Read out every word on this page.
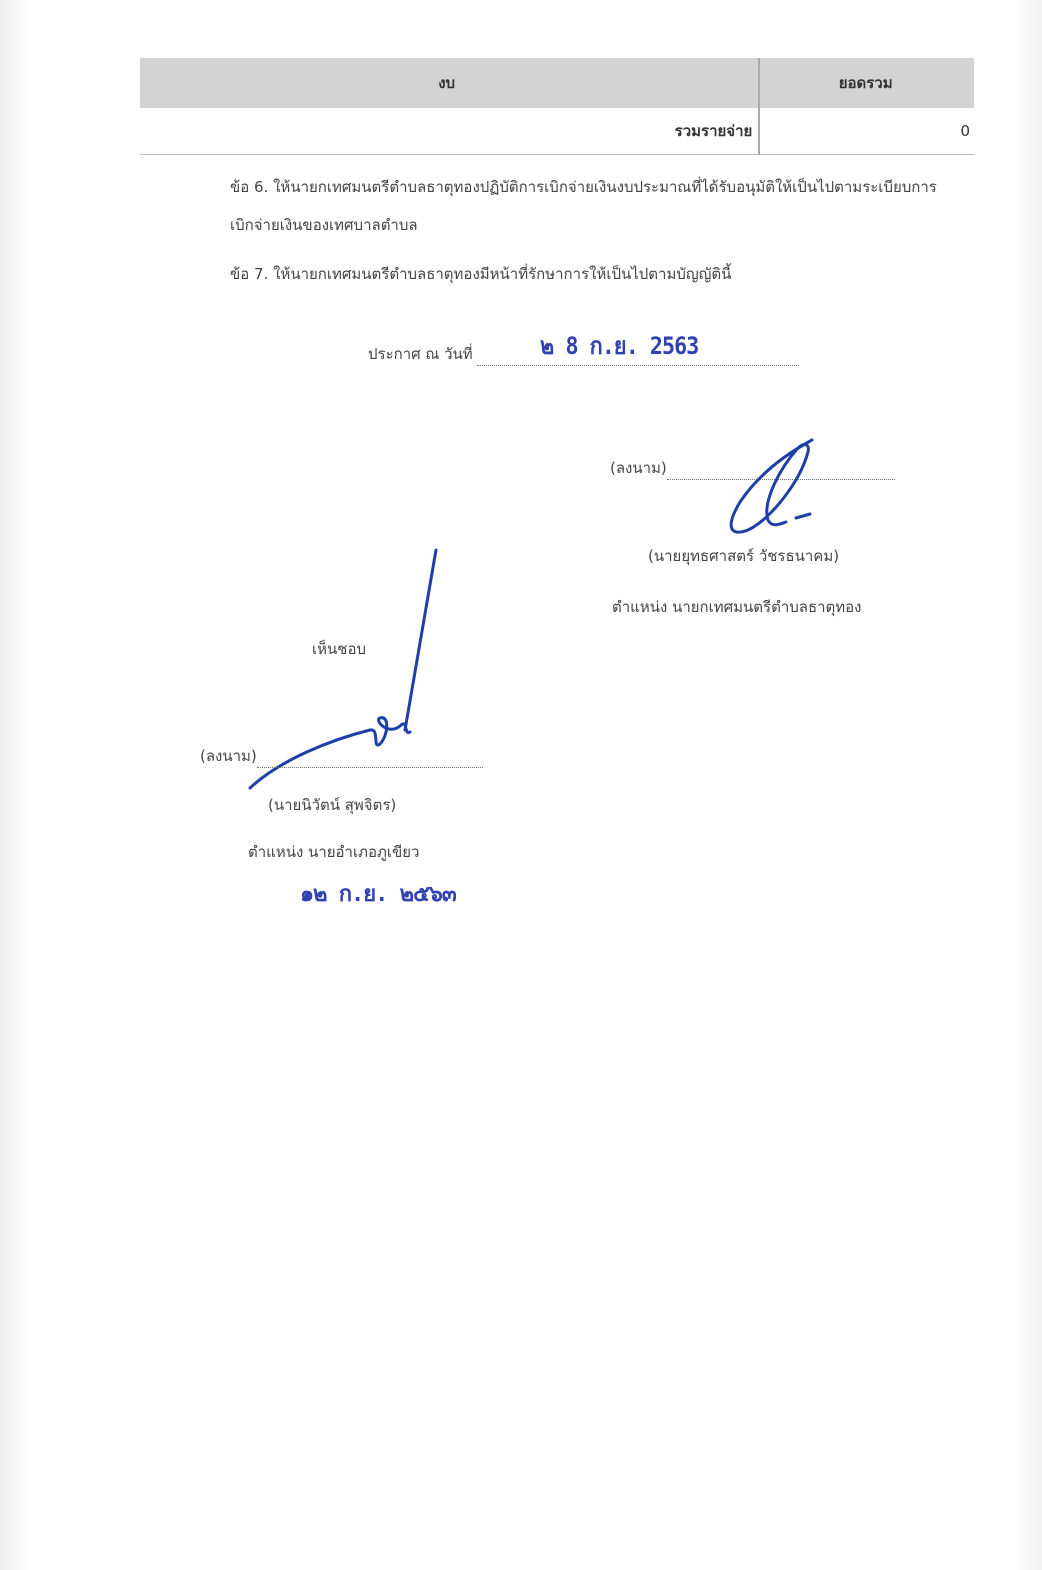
งบ	ยอดรวม
รวมรายจ่าย	0
ข้อ 6. ให้นายกเทศมนตรีตำบลธาตุทองปฏิบัติการเบิกจ่ายเงินงบประมาณที่ได้รับอนุมัติให้เป็นไปตามระเบียบการเบิกจ่ายเงินของเทศบาลตำบล
ข้อ 7. ให้นายกเทศมนตรีตำบลธาตุทองมีหน้าที่รักษาการให้เป็นไปตามบัญญัตินี้
ประกาศ ณ วันที่	๒ 8 ก.ย. 2563
(ลงนาม)
(นายยุทธศาสตร์ วัชรธนาคม)
ตำแหน่ง นายกเทศมนตรีตำบลธาตุทอง
เห็นชอบ
(ลงนาม)
(นายนิวัตน์ สุพจิตร)
ตำแหน่ง นายอำเภอภูเขียว
๑๒ ก.ย. ๒๕๖๓
